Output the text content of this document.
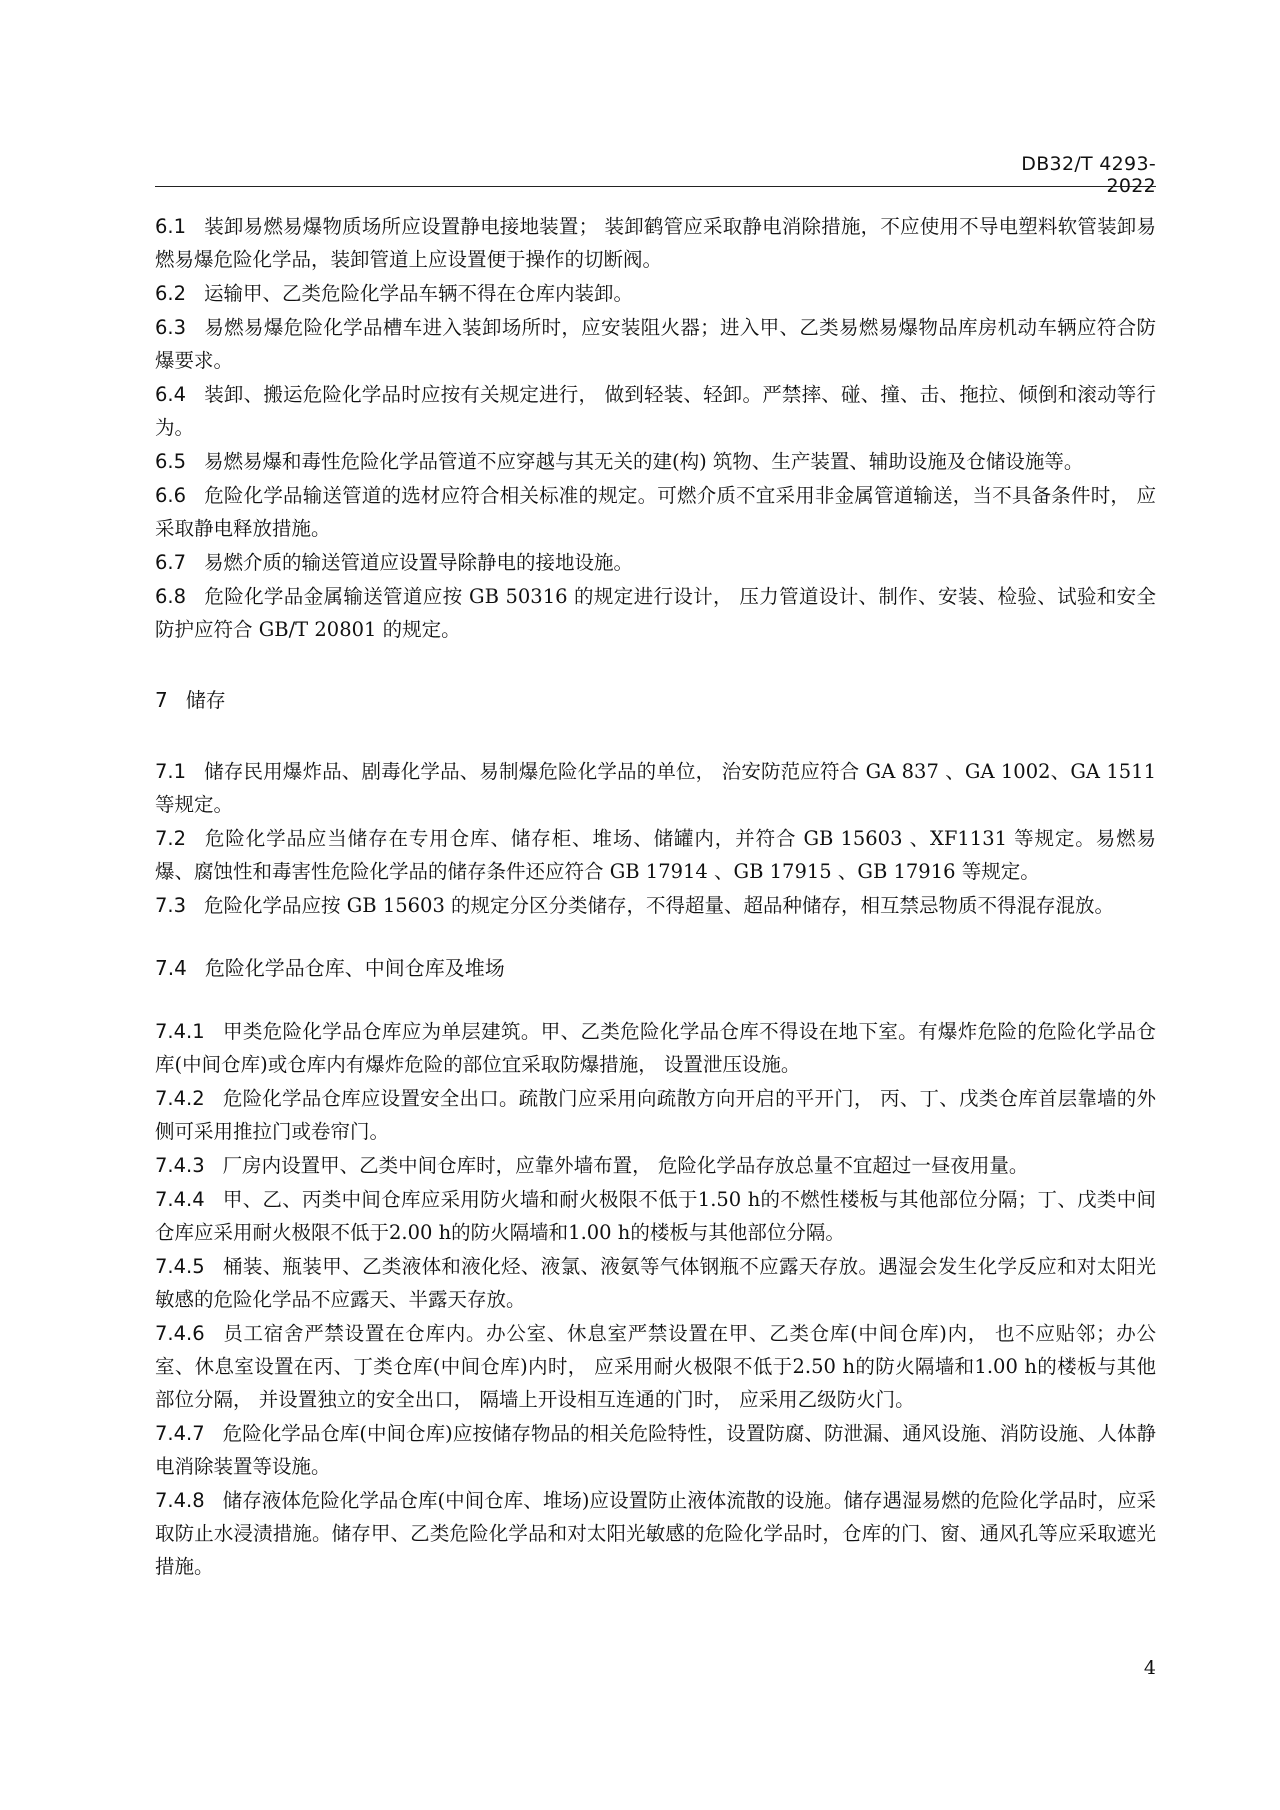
DB32/T 4293-2022

6.1 装卸易燃易爆物质场所应设置静电接地装置； 装卸鹤管应采取静电消除措施，不应使用不导电塑料软管装卸易燃易爆危险化学品，装卸管道上应设置便于操作的切断阀。

6.2 运输甲、乙类危险化学品车辆不得在仓库内装卸。

6.3 易燃易爆危险化学品槽车进入装卸场所时，应安装阻火器；进入甲、乙类易燃易爆物品库房机动车辆应符合防爆要求。

6.4 装卸、搬运危险化学品时应按有关规定进行， 做到轻装、轻卸。严禁摔、碰、撞、击、拖拉、倾倒和滚动等行为。

6.5 易燃易爆和毒性危险化学品管道不应穿越与其无关的建(构) 筑物、生产装置、辅助设施及仓储设施等。

6.6 危险化学品输送管道的选材应符合相关标准的规定。可燃介质不宜采用非金属管道输送，当不具备条件时， 应采取静电释放措施。

6.7 易燃介质的输送管道应设置导除静电的接地设施。

6.8 危险化学品金属输送管道应按 GB 50316 的规定进行设计， 压力管道设计、制作、安装、检验、试验和安全防护应符合 GB/T 20801 的规定。

7 储存

7.1 储存民用爆炸品、剧毒化学品、易制爆危险化学品的单位， 治安防范应符合 GA 837 、GA 1002、GA 1511 等规定。

7.2 危险化学品应当储存在专用仓库、储存柜、堆场、储罐内，并符合 GB 15603 、XF1131 等规定。易燃易爆、腐蚀性和毒害性危险化学品的储存条件还应符合 GB 17914 、GB 17915 、GB 17916 等规定。

7.3 危险化学品应按 GB 15603 的规定分区分类储存，不得超量、超品种储存，相互禁忌物质不得混存混放。

7.4 危险化学品仓库、中间仓库及堆场

7.4.1 甲类危险化学品仓库应为单层建筑。甲、乙类危险化学品仓库不得设在地下室。有爆炸危险的危险化学品仓库(中间仓库)或仓库内有爆炸危险的部位宜采取防爆措施， 设置泄压设施。

7.4.2 危险化学品仓库应设置安全出口。疏散门应采用向疏散方向开启的平开门， 丙、丁、戊类仓库首层靠墙的外侧可采用推拉门或卷帘门。

7.4.3 厂房内设置甲、乙类中间仓库时，应靠外墙布置， 危险化学品存放总量不宜超过一昼夜用量。

7.4.4 甲、乙、丙类中间仓库应采用防火墙和耐火极限不低于1.50 h的不燃性楼板与其他部位分隔；丁、戊类中间仓库应采用耐火极限不低于2.00 h的防火隔墙和1.00 h的楼板与其他部位分隔。

7.4.5 桶装、瓶装甲、乙类液体和液化烃、液氯、液氨等气体钢瓶不应露天存放。遇湿会发生化学反应和对太阳光敏感的危险化学品不应露天、半露天存放。

7.4.6 员工宿舍严禁设置在仓库内。办公室、休息室严禁设置在甲、乙类仓库(中间仓库)内， 也不应贴邻；办公室、休息室设置在丙、丁类仓库(中间仓库)内时， 应采用耐火极限不低于2.50 h的防火隔墙和1.00 h的楼板与其他部位分隔， 并设置独立的安全出口， 隔墙上开设相互连通的门时， 应采用乙级防火门。

7.4.7 危险化学品仓库(中间仓库)应按储存物品的相关危险特性，设置防腐、防泄漏、通风设施、消防设施、人体静电消除装置等设施。

7.4.8 储存液体危险化学品仓库(中间仓库、堆场)应设置防止液体流散的设施。储存遇湿易燃的危险化学品时，应采取防止水浸渍措施。储存甲、乙类危险化学品和对太阳光敏感的危险化学品时，仓库的门、窗、通风孔等应采取遮光措施。

4
